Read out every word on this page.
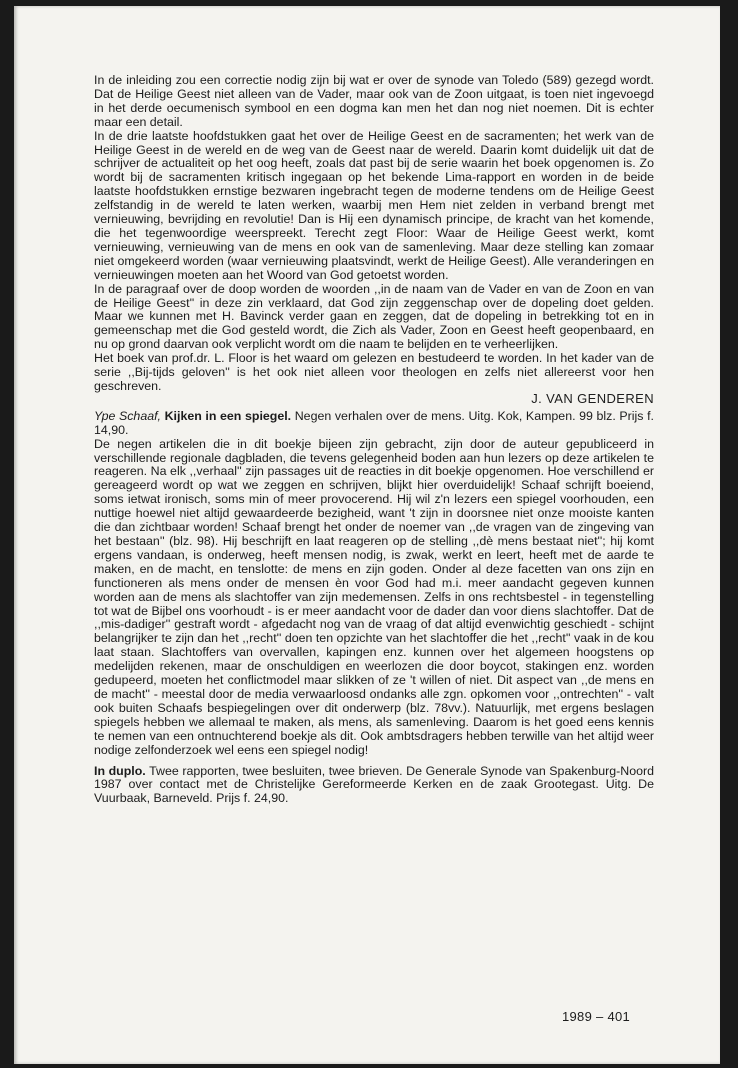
In de inleiding zou een correctie nodig zijn bij wat er over de synode van Toledo (589) gezegd wordt. Dat de Heilige Geest niet alleen van de Vader, maar ook van de Zoon uitgaat, is toen niet ingevoegd in het derde oecumenisch symbool en een dogma kan men het dan nog niet noemen. Dit is echter maar een detail.

In de drie laatste hoofdstukken gaat het over de Heilige Geest en de sacramenten; het werk van de Heilige Geest in de wereld en de weg van de Geest naar de wereld. Daarin komt duidelijk uit dat de schrijver de actualiteit op het oog heeft, zoals dat past bij de serie waarin het boek opgenomen is. Zo wordt bij de sacramenten kritisch ingegaan op het bekende Lima-rapport en worden in de beide laatste hoofdstukken ernstige bezwaren ingebracht tegen de moderne tendens om de Heilige Geest zelfstandig in de wereld te laten werken, waarbij men Hem niet zelden in verband brengt met vernieuwing, bevrijding en revolutie! Dan is Hij een dynamisch principe, de kracht van het komende, die het tegenwoordige weerspreekt. Terecht zegt Floor: Waar de Heilige Geest werkt, komt vernieuwing, vernieuwing van de mens en ook van de samenleving. Maar deze stelling kan zomaar niet omgekeerd worden (waar vernieuwing plaatsvindt, werkt de Heilige Geest). Alle veranderingen en vernieuwingen moeten aan het Woord van God getoetst worden.

In de paragraaf over de doop worden de woorden ,,in de naam van de Vader en van de Zoon en van de Heilige Geest'' in deze zin verklaard, dat God zijn zeggenschap over de dopeling doet gelden. Maar we kunnen met H. Bavinck verder gaan en zeggen, dat de dopeling in betrekking tot en in gemeenschap met die God gesteld wordt, die Zich als Vader, Zoon en Geest heeft geopenbaard, en nu op grond daarvan ook verplicht wordt om die naam te belijden en te verheerlijken.

Het boek van prof.dr. L. Floor is het waard om gelezen en bestudeerd te worden. In het kader van de serie ,,Bij-tijds geloven'' is het ook niet alleen voor theologen en zelfs niet allereerst voor hen geschreven.

J. VAN GENDEREN

Ype Schaaf, Kijken in een spiegel. Negen verhalen over de mens. Uitg. Kok, Kampen. 99 blz. Prijs f. 14,90.

De negen artikelen die in dit boekje bijeen zijn gebracht, zijn door de auteur gepubliceerd in verschillende regionale dagbladen, die tevens gelegenheid boden aan hun lezers op deze artikelen te reageren. Na elk ,,verhaal'' zijn passages uit de reacties in dit boekje opgenomen. Hoe verschillend er gereageerd wordt op wat we zeggen en schrijven, blijkt hier overduidelijk! Schaaf schrijft boeiend, soms ietwat ironisch, soms min of meer provocerend. Hij wil z'n lezers een spiegel voorhouden, een nuttige hoewel niet altijd gewaardeerde bezigheid, want 't zijn in doorsnee niet onze mooiste kanten die dan zichtbaar worden! Schaaf brengt het onder de noemer van ,,de vragen van de zingeving van het bestaan'' (blz. 98). Hij beschrijft en laat reageren op de stelling ,,dè mens bestaat niet''; hij komt ergens vandaan, is onderweg, heeft mensen nodig, is zwak, werkt en leert, heeft met de aarde te maken, en de macht, en tenslotte: de mens en zijn goden. Onder al deze facetten van ons zijn en functioneren als mens onder de mensen èn voor God had m.i. meer aandacht gegeven kunnen worden aan de mens als slachtoffer van zijn medemensen. Zelfs in ons rechtsbestel - in tegenstelling tot wat de Bijbel ons voorhoudt - is er meer aandacht voor de dader dan voor diens slachtoffer. Dat de ,,mis-dadiger'' gestraft wordt - afgedacht nog van de vraag of dat altijd evenwichtig geschiedt - schijnt belangrijker te zijn dan het ,,recht'' doen ten opzichte van het slachtoffer die het ,,recht'' vaak in de kou laat staan. Slachtoffers van overvallen, kapingen enz. kunnen over het algemeen hoogstens op medelijden rekenen, maar de onschuldigen en weerlozen die door boycot, stakingen enz. worden gedupeerd, moeten het conflictmodel maar slikken of ze 't willen of niet. Dit aspect van ,,de mens en de macht'' - meestal door de media verwaarloosd ondanks alle zgn. opkomen voor ,,ontrechten'' - valt ook buiten Schaafs bespiegelingen over dit onderwerp (blz. 78vv.). Natuurlijk, met ergens beslagen spiegels hebben we allemaal te maken, als mens, als samenleving. Daarom is het goed eens kennis te nemen van een ontnuchterend boekje als dit. Ook ambtsdragers hebben terwille van het altijd weer nodige zelfonderzoek wel eens een spiegel nodig!

In duplo. Twee rapporten, twee besluiten, twee brieven. De Generale Synode van Spakenburg-Noord 1987 over contact met de Christelijke Gereformeerde Kerken en de zaak Grootegast. Uitg. De Vuurbaak, Barneveld. Prijs f. 24,90.

1989 – 401
